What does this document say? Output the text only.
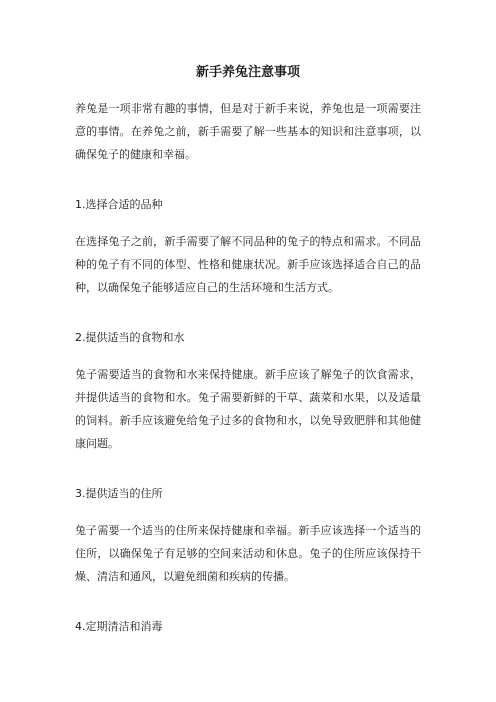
新手养兔注意事项
养兔是一项非常有趣的事情，但是对于新手来说，养兔也是一项需要注意的事情。在养兔之前，新手需要了解一些基本的知识和注意事项，以确保兔子的健康和幸福。
1.选择合适的品种
在选择兔子之前，新手需要了解不同品种的兔子的特点和需求。不同品种的兔子有不同的体型、性格和健康状况。新手应该选择适合自己的品种，以确保兔子能够适应自己的生活环境和生活方式。
2.提供适当的食物和水
兔子需要适当的食物和水来保持健康。新手应该了解兔子的饮食需求，并提供适当的食物和水。兔子需要新鲜的干草、蔬菜和水果，以及适量的饲料。新手应该避免给兔子过多的食物和水，以免导致肥胖和其他健康问题。
3.提供适当的住所
兔子需要一个适当的住所来保持健康和幸福。新手应该选择一个适当的住所，以确保兔子有足够的空间来活动和休息。兔子的住所应该保持干燥、清洁和通风，以避免细菌和疾病的传播。
4.定期清洁和消毒
